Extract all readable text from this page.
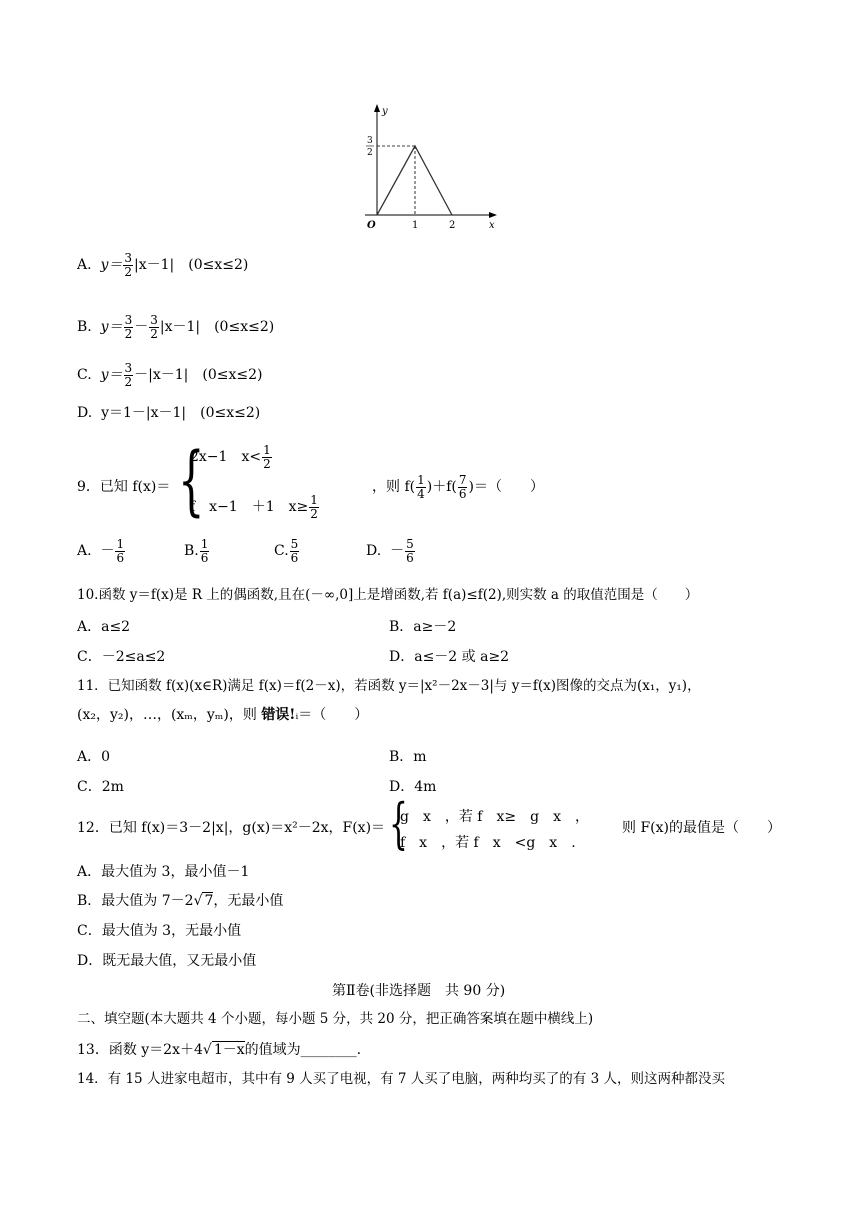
y
x
O
3
2
1	2
A. $y= \frac{3}{2} |x-1|$　(0≤x≤2)
B. $y= \frac{3}{2} - \frac{3}{2} |x-1|$　(0≤x≤2)
C. $y= \frac{3}{2} -|x-1|$　(0≤x≤2)
D. y＝1－|x－1|　(0≤x≤2)
9．已知 f(x)＝ {
2x−1　$x< \frac{1}{2}$
f　x−1　＋1　$x\ge \frac{1}{2}$
，则 $f( \frac{1}{4} )+f( \frac{7}{6}$ )＝（　　）
A. － $\frac{1}{6}$	B. $\frac{1}{6}$	C. $\frac{5}{6}$	D. － $\frac{5}{6}$
10.函数 y＝f(x)是 R 上的偶函数,且在(－∞,0]上是增函数,若 f(a)≤f(2),则实数 a 的取值范围是（　　）
A．a≤2	B．a≥－2
C．－2≤a≤2	D．a≤－2 或 a≥2
11．已知函数 f(x)(x∈R)满足 f(x)＝f(2－x)，若函数 y＝|x²－2x－3|与 y＝f(x)图像的交点为(x₁，y₁)，
(x₂，y₂)，…，(xₘ，yₘ)，则 错误!ᵢ＝（　　）
A．0	B．m
C．2m	D．4m
12．已知 f(x)＝3－2|x|，g(x)＝x²－2x，F(x)＝ {
g　x　，若 f　x≥　g　x　，
f　x　，若 f　x　<g　x　.
则 F(x)的最值是（　　）
A．最大值为 3，最小值－1
B．最大值为 7－2√ 7，无最小值
C．最大值为 3，无最小值
D．既无最大值，又无最小值
第Ⅱ卷(非选择题　共 90 分)
二、填空题(本大题共 4 个小题，每小题 5 分，共 20 分，把正确答案填在题中横线上)
13．函数 y＝2x＋4√ 1－x的值域为________.
14．有 15 人进家电超市，其中有 9 人买了电视，有 7 人买了电脑，两种均买了的有 3 人，则这两种都没买
